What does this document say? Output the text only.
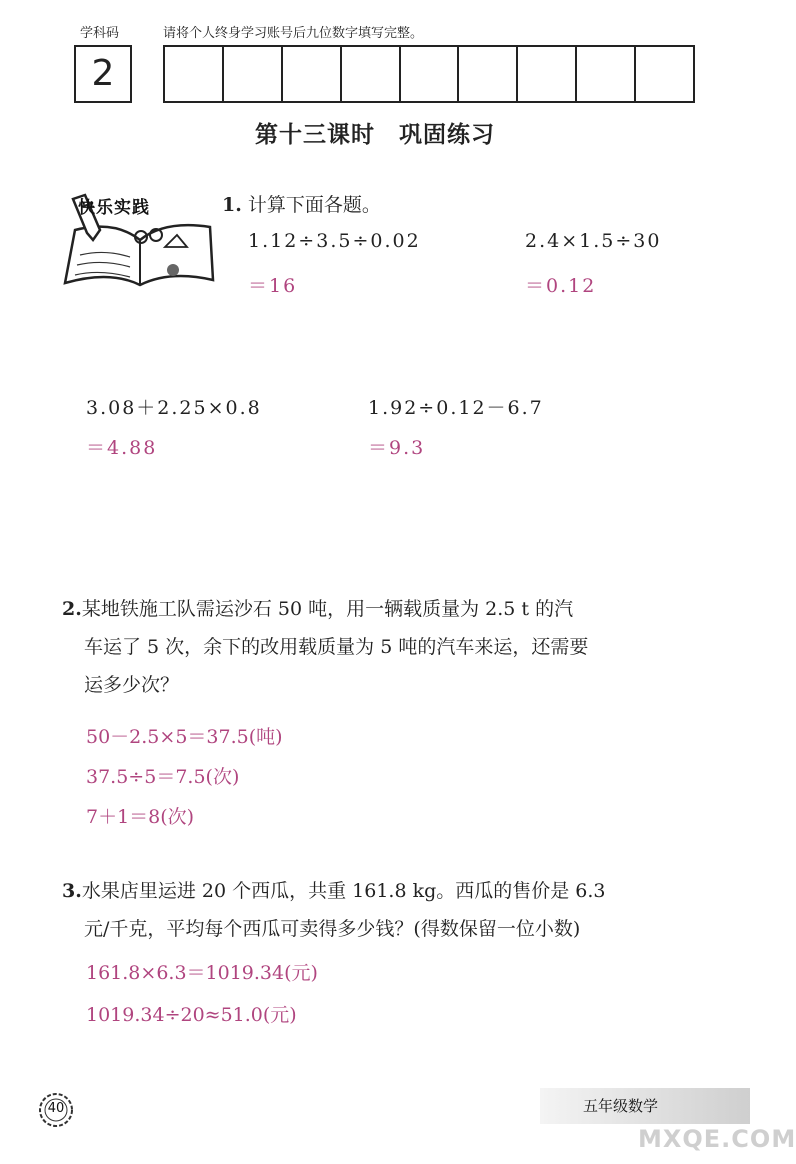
学科码	请将个人终身学习账号后九位数字填写完整。
2
第十三课时　巩固练习
快乐实践	1. 计算下面各题。
1.12÷3.5÷0.02
＝16
2.4×1.5÷30
＝0.12
3.08＋2.25×0.8
＝4.88
1.92÷0.12－6.7
＝9.3
2.某地铁施工队需运沙石 50 吨，用一辆载质量为 2.5 t 的汽
车运了 5 次，余下的改用载质量为 5 吨的汽车来运，还需要
运多少次？
50－2.5×5＝37.5(吨)
37.5÷5＝7.5(次)
7＋1＝8(次)
3.水果店里运进 20 个西瓜，共重 161.8 kg。西瓜的售价是 6.3
元/千克，平均每个西瓜可卖得多少钱？(得数保留一位小数)
161.8×6.3＝1019.34(元)
1019.34÷20≈51.0(元)
40	五年级数学
MXQE.COM
